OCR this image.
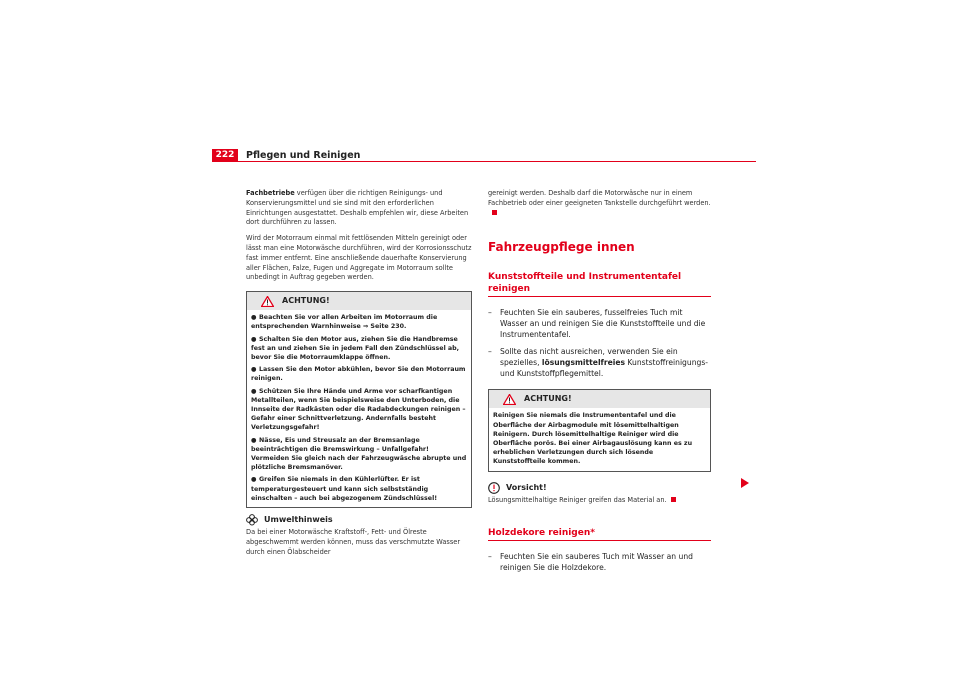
222	Pflegen und Reinigen

Fachbetriebe verfügen über die richtigen Reinigungs- und Konservierungsmittel und sie sind mit den erforderlichen Einrichtungen ausgestattet. Deshalb empfehlen wir, diese Arbeiten dort durchführen zu lassen.

Wird der Motorraum einmal mit fettlösenden Mitteln gereinigt oder lässt man eine Motorwäsche durchführen, wird der Korrosionsschutz fast immer entfernt. Eine anschließende dauerhafte Konservierung aller Flächen, Falze, Fugen und Aggregate im Motorraum sollte unbedingt in Auftrag gegeben werden.

ACHTUNG!
● Beachten Sie vor allen Arbeiten im Motorraum die entsprechenden Warnhinweise ⇒ Seite 230.
● Schalten Sie den Motor aus, ziehen Sie die Handbremse fest an und ziehen Sie in jedem Fall den Zündschlüssel ab, bevor Sie die Motorraumklappe öffnen.
● Lassen Sie den Motor abkühlen, bevor Sie den Motorraum reinigen.
● Schützen Sie Ihre Hände und Arme vor scharfkantigen Metallteilen, wenn Sie beispielsweise den Unterboden, die Innseite der Radkästen oder die Radabdeckungen reinigen – Gefahr einer Schnittverletzung. Andernfalls besteht Verletzungsgefahr!
● Nässe, Eis und Streusalz an der Bremsanlage beeinträchtigen die Bremswirkung – Unfallgefahr! Vermeiden Sie gleich nach der Fahrzeugwäsche abrupte und plötzliche Bremsmanöver.
● Greifen Sie niemals in den Kühlerlüfter. Er ist temperaturgesteuert und kann sich selbstständig einschalten – auch bei abgezogenem Zündschlüssel!
Umwelthinweis

Da bei einer Motorwäsche Kraftstoff-, Fett- und Ölreste abgeschwemmt werden können, muss das verschmutzte Wasser durch einen Ölabscheider

gereinigt werden. Deshalb darf die Motorwäsche nur in einem Fachbetrieb oder einer geeigneten Tankstelle durchgeführt werden.

Fahrzeugpflege innen
Kunststoffteile und Instrumententafel reinigen
–	Feuchten Sie ein sauberes, fusselfreies Tuch mit Wasser an und reinigen Sie die Kunststoffteile und die Instrumententafel.
–	Sollte das nicht ausreichen, verwenden Sie ein spezielles, lösungsmittelfreies Kunststoffreinigungs- und Kunststoffpflegemittel.
ACHTUNG!
Reinigen Sie niemals die Instrumententafel und die Oberfläche der Airbagmodule mit lösemittelhaltigen Reinigern. Durch lösemittelhaltige Reiniger wird die Oberfläche porös. Bei einer Airbagauslösung kann es zu erheblichen Verletzungen durch sich lösende Kunststoffteile kommen.
Vorsicht!

Lösungsmittelhaltige Reiniger greifen das Material an.

Holzdekore reinigen*
–	Feuchten Sie ein sauberes Tuch mit Wasser an und reinigen Sie die Holzdekore.
